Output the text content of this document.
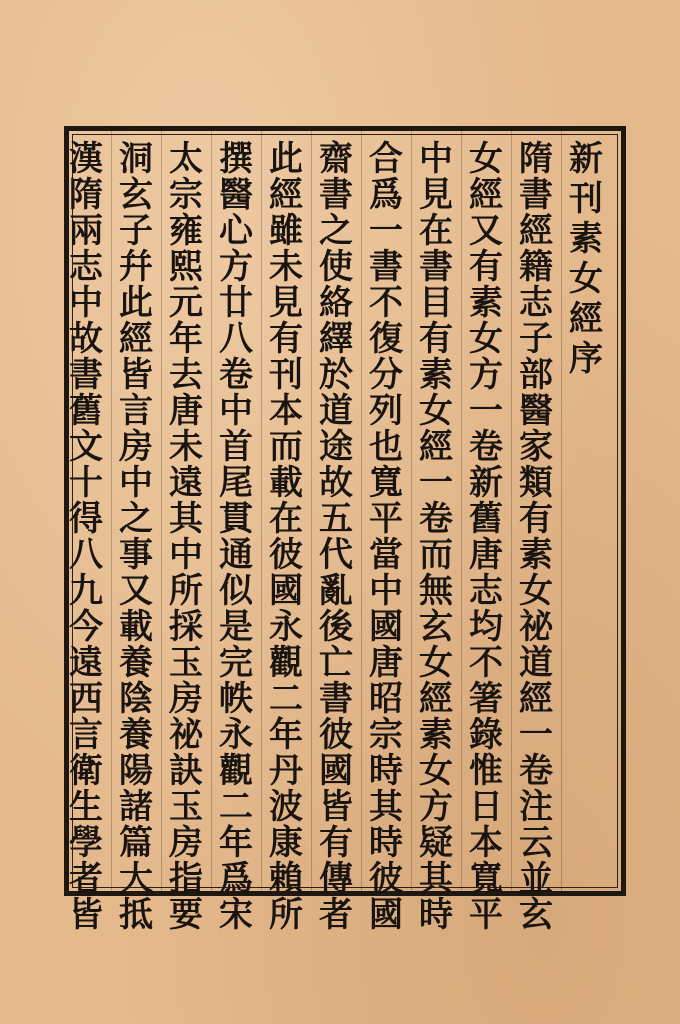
新
刊
素
女
經
序
隋
書
經
籍
志
子
部
醫
家
類
有
素
女
祕
道
經
一
卷
注
云
並
玄
女
經
又
有
素
女
方
一
卷
新
舊
唐
志
均
不
箸
錄
惟
日
本
寬
平
中
見
在
書
目
有
素
女
經
一
卷
而
無
玄
女
經
素
女
方
疑
其
時
合
爲
一
書
不
復
分
列
也
寬
平
當
中
國
唐
昭
宗
時
其
時
彼
國
齋
書
之
使
絡
繹
於
道
途
故
五
代
亂
後
亡
書
彼
國
皆
有
傳
者
此
經
雖
未
見
有
刊
本
而
載
在
彼
國
永
觀
二
年
丹
波
康
賴
所
撰
醫
心
方
廿
八
卷
中
首
尾
貫
通
似
是
完
帙
永
觀
二
年
爲
宋
太
宗
雍
熙
元
年
去
唐
未
遠
其
中
所
採
玉
房
祕
訣
玉
房
指
要
洞
玄
子
幷
此
經
皆
言
房
中
之
事
又
載
養
陰
養
陽
諸
篇
大
抵
漢
隋
兩
志
中
故
書
舊
文
十
得
八
九
今
遠
西
言
衛
生
學
者
皆
